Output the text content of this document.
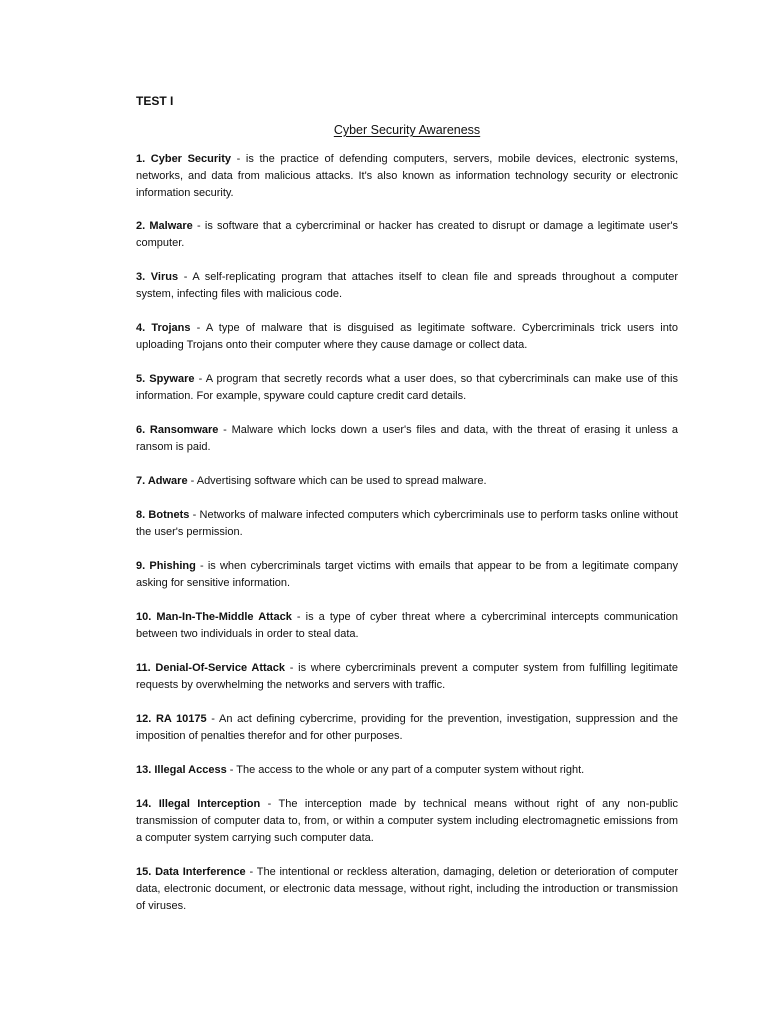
TEST I
Cyber Security Awareness

1. Cyber Security - is the practice of defending computers, servers, mobile devices, electronic systems, networks, and data from malicious attacks. It's also known as information technology security or electronic information security.

2. Malware - is software that a cybercriminal or hacker has created to disrupt or damage a legitimate user's computer.

3. Virus - A self-replicating program that attaches itself to clean file and spreads throughout a computer system, infecting files with malicious code.

4. Trojans - A type of malware that is disguised as legitimate software. Cybercriminals trick users into uploading Trojans onto their computer where they cause damage or collect data.

5. Spyware - A program that secretly records what a user does, so that cybercriminals can make use of this information. For example, spyware could capture credit card details.

6. Ransomware - Malware which locks down a user's files and data, with the threat of erasing it unless a ransom is paid.

7. Adware - Advertising software which can be used to spread malware.

8. Botnets - Networks of malware infected computers which cybercriminals use to perform tasks online without the user's permission.

9. Phishing - is when cybercriminals target victims with emails that appear to be from a legitimate company asking for sensitive information.

10. Man-In-The-Middle Attack - is a type of cyber threat where a cybercriminal intercepts communication between two individuals in order to steal data.

11. Denial-Of-Service Attack - is where cybercriminals prevent a computer system from fulfilling legitimate requests by overwhelming the networks and servers with traffic.

12. RA 10175 - An act defining cybercrime, providing for the prevention, investigation, suppression and the imposition of penalties therefor and for other purposes.

13. Illegal Access - The access to the whole or any part of a computer system without right.

14. Illegal Interception - The interception made by technical means without right of any non-public transmission of computer data to, from, or within a computer system including electromagnetic emissions from a computer system carrying such computer data.

15. Data Interference - The intentional or reckless alteration, damaging, deletion or deterioration of computer data, electronic document, or electronic data message, without right, including the introduction or transmission of viruses.
